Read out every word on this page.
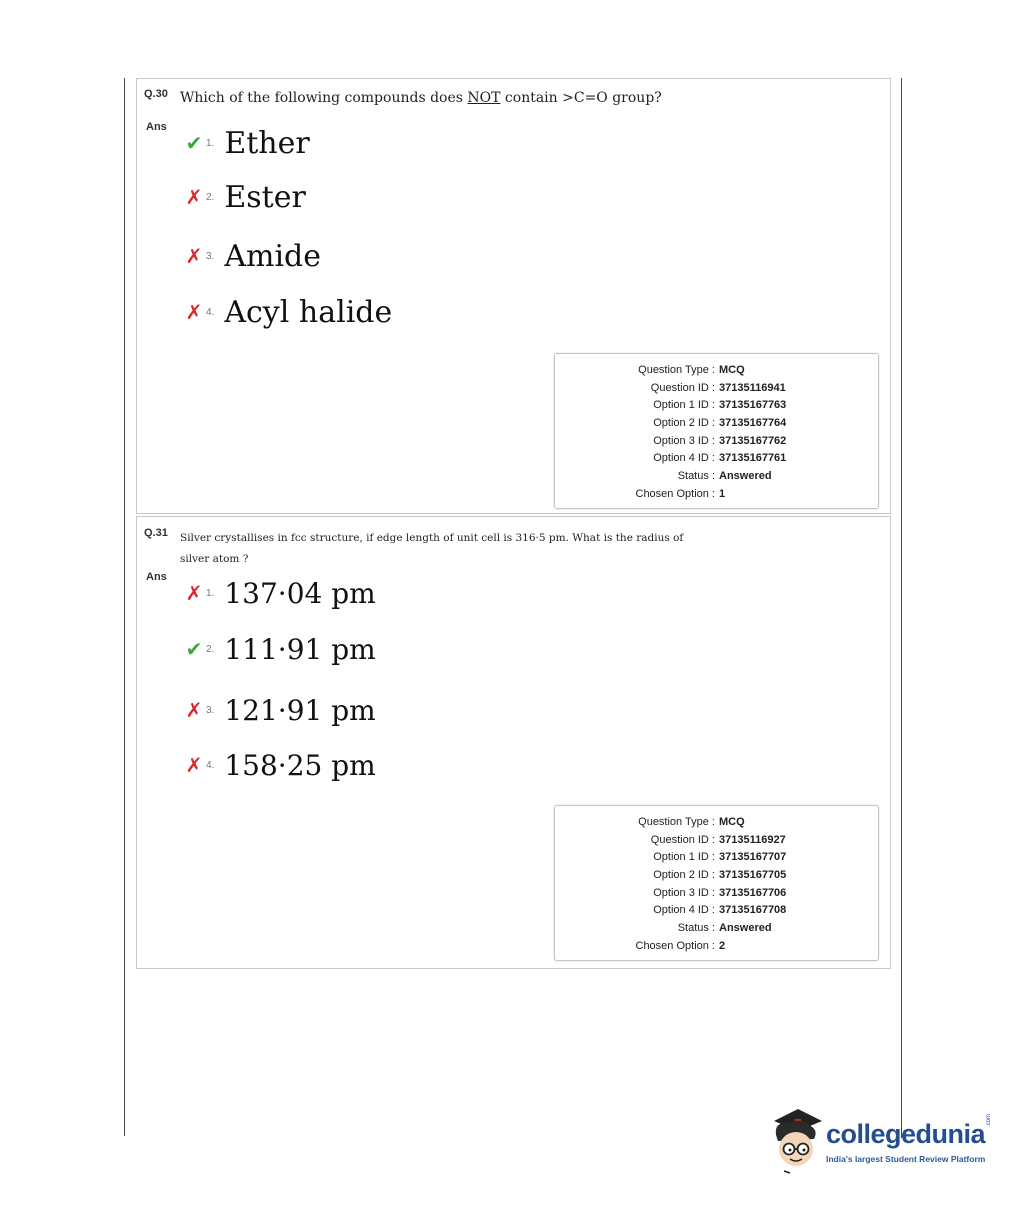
Q.30 Which of the following compounds does NOT contain >C=O group?
Ans
✔ 1. Ether
✗ 2. Ester
✗ 3. Amide
✗ 4. Acyl halide
Question Type : MCQ
Question ID : 37135116941
Option 1 ID : 37135167763
Option 2 ID : 37135167764
Option 3 ID : 37135167762
Option 4 ID : 37135167761
Status : Answered
Chosen Option : 1
Q.31 Silver crystallises in fcc structure, if edge length of unit cell is 316·5 pm. What is the radius of
silver atom ?
Ans
✗ 1. 137·04 pm
✔ 2. 111·91 pm
✗ 3. 121·91 pm
✗ 4. 158·25 pm
Question Type : MCQ
Question ID : 37135116927
Option 1 ID : 37135167707
Option 2 ID : 37135167705
Option 3 ID : 37135167706
Option 4 ID : 37135167708
Status : Answered
Chosen Option : 2
collegedunia .com
India's largest Student Review Platform
